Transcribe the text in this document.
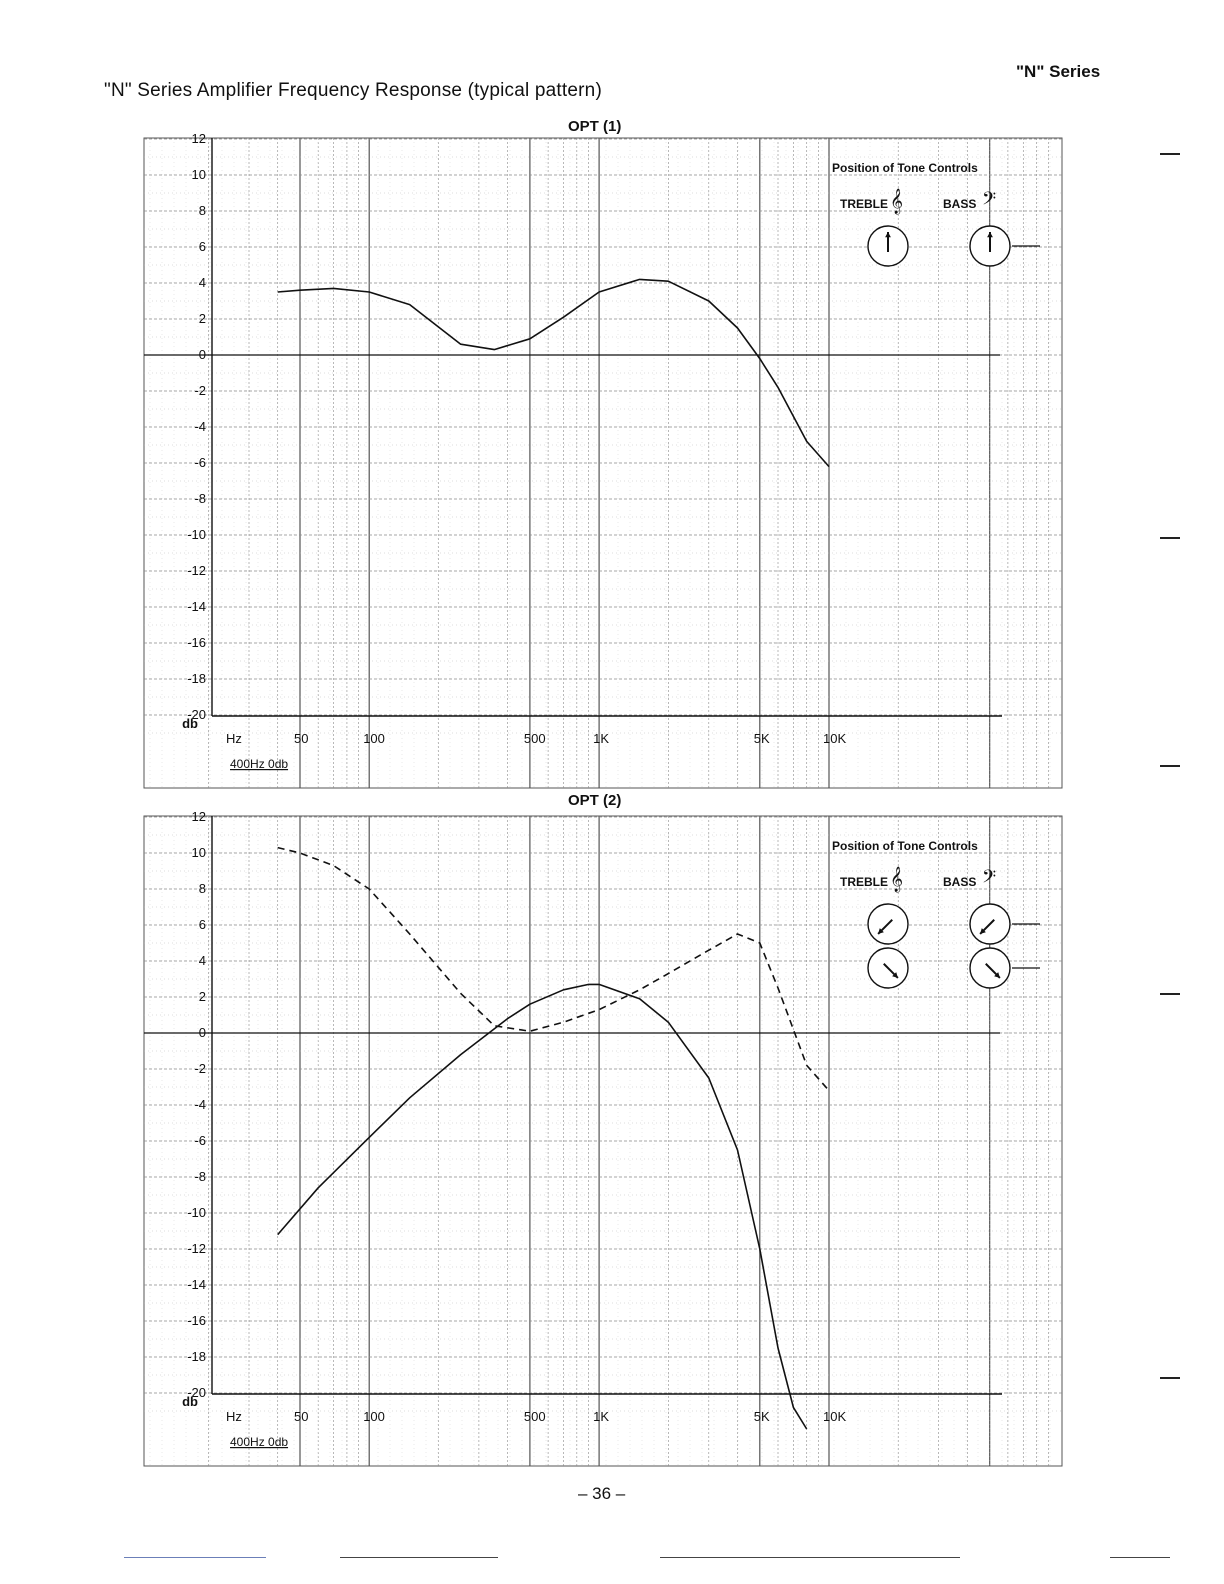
"N" Series
"N" Series Amplifier Frequency Response (typical pattern)
OPT (1)
OPT (2)
12
10
8
6
4
2
0
-2
-4
-6
-8
-10
-12
-14
-16
-18
-20
db
Hz	50	100	500	1K	5K	10K
400Hz 0db
Position of Tone Controls
TREBLE 𝄞	BASS 𝄢
12
10
8
6
4
2
0
-2
-4
-6
-8
-10
-12
-14
-16
-18
-20
db
Hz	50	100	500	1K	5K	10K
400Hz 0db
Position of Tone Controls
TREBLE 𝄞	BASS 𝄢
– 36 –
